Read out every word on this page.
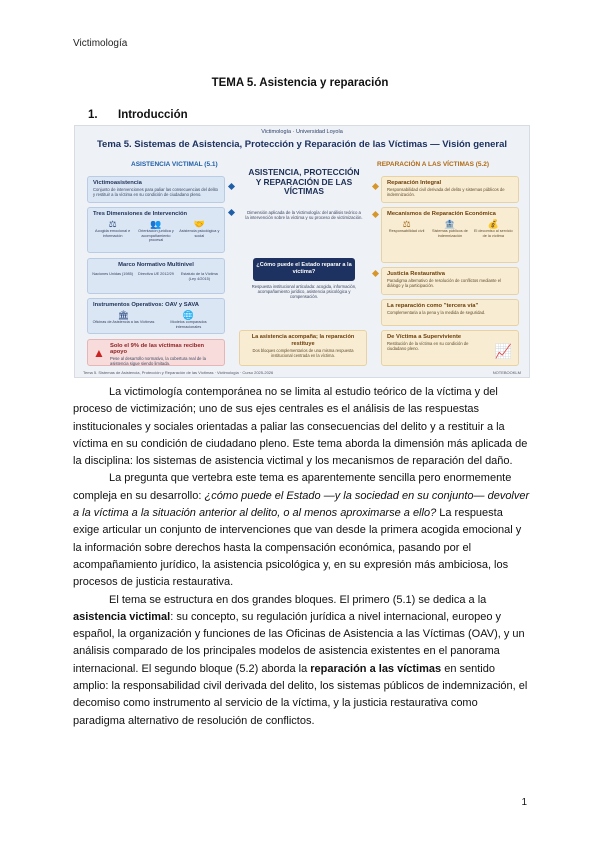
Victimología
TEMA 5. Asistencia y reparación
1. Introducción
Victimología · Universidad Loyola
Tema 5. Sistemas de Asistencia, Protección y Reparación de las Víctimas — Visión general
ASISTENCIA VICTIMAL (5.1)	REPARACIÓN A LAS VÍCTIMAS (5.2)
Victimoasistencia
Conjunto de intervenciones para paliar las consecuencias del delito y restituir a la víctima en su condición de ciudadano pleno.
Tres Dimensiones de Intervención
⚖
Acogida emocional e información
👥
Orientación jurídica y acompañamiento procesal
🤝
Asistencia psicológica y social
Marco Normativo Multinivel
Naciones Unidas (1985)	Directiva UE 2012/29	Estatuto de la Víctima (Ley 4/2015)
Instrumentos Operativos: OAV y SAVA
🏛
Oficinas de Asistencia a las Víctimas
🌐
Modelos comparados internacionales
Solo el 9% de las víctimas reciben apoyo
Pese al desarrollo normativo, la cobertura real de la asistencia sigue siendo limitada.
▲
ASISTENCIA, PROTECCIÓN Y REPARACIÓN DE LAS VÍCTIMAS
Dimensión aplicada de la Victimología: del análisis teórico a la intervención sobre la víctima y su proceso de victimización.
¿Cómo puede el Estado reparar a la víctima?
Respuesta institucional articulada: acogida, información, acompañamiento jurídico, asistencia psicológica y compensación.
La asistencia acompaña; la reparación restituye
Dos bloques complementarios de una misma respuesta institucional centrada en la víctima.
Reparación Integral
Responsabilidad civil derivada del delito y sistemas públicos de indemnización.
Mecanismos de Reparación Económica
⚖
Responsabilidad civil
🏦
Sistemas públicos de indemnización
💰
El decomiso al servicio de la víctima
Justicia Restaurativa
Paradigma alternativo de resolución de conflictos mediante el diálogo y la participación.
La reparación como "tercera vía"
Complementaria a la pena y la medida de seguridad.
De Víctima a Superviviente
Restitución de la víctima en su condición de ciudadano pleno.	📈
Tema 5. Sistemas de Asistencia, Protección y Reparación de las Víctimas · Victimología · Curso 2025-2026	NOTEBOOKLM

La victimología contemporánea no se limita al estudio teórico de la víctima y del proceso de victimización; uno de sus ejes centrales es el análisis de las respuestas institucionales y sociales orientadas a paliar las consecuencias del delito y a restituir a la víctima en su condición de ciudadano pleno. Este tema aborda la dimensión más aplicada de la disciplina: los sistemas de asistencia victimal y los mecanismos de reparación del daño.

La pregunta que vertebra este tema es aparentemente sencilla pero enormemente compleja en su desarrollo: ¿cómo puede el Estado —y la sociedad en su conjunto— devolver a la víctima a la situación anterior al delito, o al menos aproximarse a ello? La respuesta exige articular un conjunto de intervenciones que van desde la primera acogida emocional y la información sobre derechos hasta la compensación económica, pasando por el acompañamiento jurídico, la asistencia psicológica y, en su expresión más ambiciosa, los procesos de justicia restaurativa.

El tema se estructura en dos grandes bloques. El primero (5.1) se dedica a la asistencia victimal: su concepto, su regulación jurídica a nivel internacional, europeo y español, la organización y funciones de las Oficinas de Asistencia a las Víctimas (OAV), y un análisis comparado de los principales modelos de asistencia existentes en el panorama internacional. El segundo bloque (5.2) aborda la reparación a las víctimas en sentido amplio: la responsabilidad civil derivada del delito, los sistemas públicos de indemnización, el decomiso como instrumento al servicio de la víctima, y la justicia restaurativa como paradigma alternativo de resolución de conflictos.

1
